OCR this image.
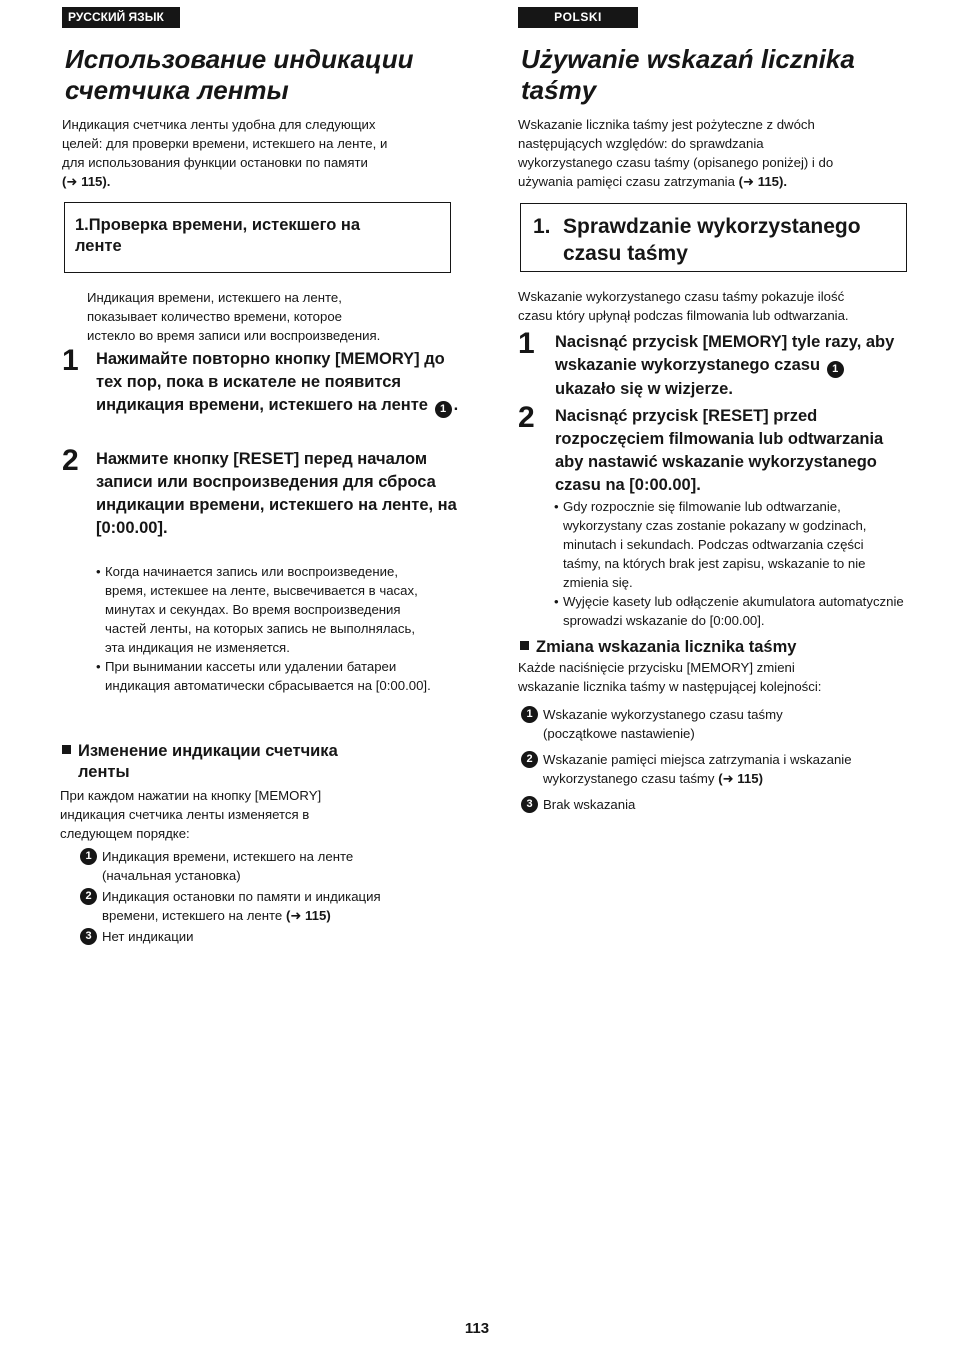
РУССКИЙ ЯЗЫК
Использование индикации
счетчика ленты

Индикация счетчика ленты удобна для следующих
целей: для проверки времени, истекшего на ленте, и
для использования функции остановки по памяти
(➜ 115).

1.Проверка времени, истекшего на
ленте

Индикация времени, истекшего на ленте,
показывает количество времени, которое
истекло во время записи или воспроизведения.

1 Нажимайте повторно кнопку [MEMORY] до тех пор, пока в искателе не появится индикация времени, истекшего на ленте 1 .
2 Нажмите кнопку [RESET] перед началом записи или воспроизведения для сброса индикации времени, истекшего на ленте, на [0:00.00].
• Когда начинается запись или воспроизведение, время, истекшее на ленте, высвечивается в часах, минутах и секундах. Во время воспроизведения частей ленты, на которых запись не выполнялась, эта индикация не изменяется.
• При вынимании кассеты или удалении батареи индикация автоматически сбрасывается на [0:00.00].
Изменение индикации счетчика
ленты

При каждом нажатии на кнопку [MEMORY]
индикация счетчика ленты изменяется в
следующем порядке:

1 Индикация времени, истекшего на ленте
(начальная установка)
2 Индикация остановки по памяти и индикация
времени, истекшего на ленте (➜ 115)
3 Нет индикации
POLSKI
Używanie wskazań licznika
taśmy

Wskazanie licznika taśmy jest pożyteczne z dwóch
następujących względów: do sprawdzania
wykorzystanego czasu taśmy (opisanego poniżej) i do
używania pamięci czasu zatrzymania (➜ 115).

1. Sprawdzanie wykorzystanego
czasu taśmy

Wskazanie wykorzystanego czasu taśmy pokazuje ilość
czasu który upłynął podczas filmowania lub odtwarzania.

1 Nacisnąć przycisk [MEMORY] tyle razy, aby wskazanie wykorzystanego czasu 1 ukazało się w wizjerze.
2 Nacisnąć przycisk [RESET] przed rozpoczęciem filmowania lub odtwarzania aby nastawić wskazanie wykorzystanego czasu na [0:00.00].
• Gdy rozpocznie się filmowanie lub odtwarzanie, wykorzystany czas zostanie pokazany w godzinach, minutach i sekundach. Podczas odtwarzania części taśmy, na których brak jest zapisu, wskazanie to nie zmienia się.
• Wyjęcie kasety lub odłączenie akumulatora automatycznie sprowadzi wskazanie do [0:00.00].
Zmiana wskazania licznika taśmy

Każde naciśnięcie przycisku [MEMORY] zmieni
wskazanie licznika taśmy w następującej kolejności:

1 Wskazanie wykorzystanego czasu taśmy
(początkowe nastawienie)
2 Wskazanie pamięci miejsca zatrzymania i wskazanie
wykorzystanego czasu taśmy (➜ 115)
3 Brak wskazania
113
